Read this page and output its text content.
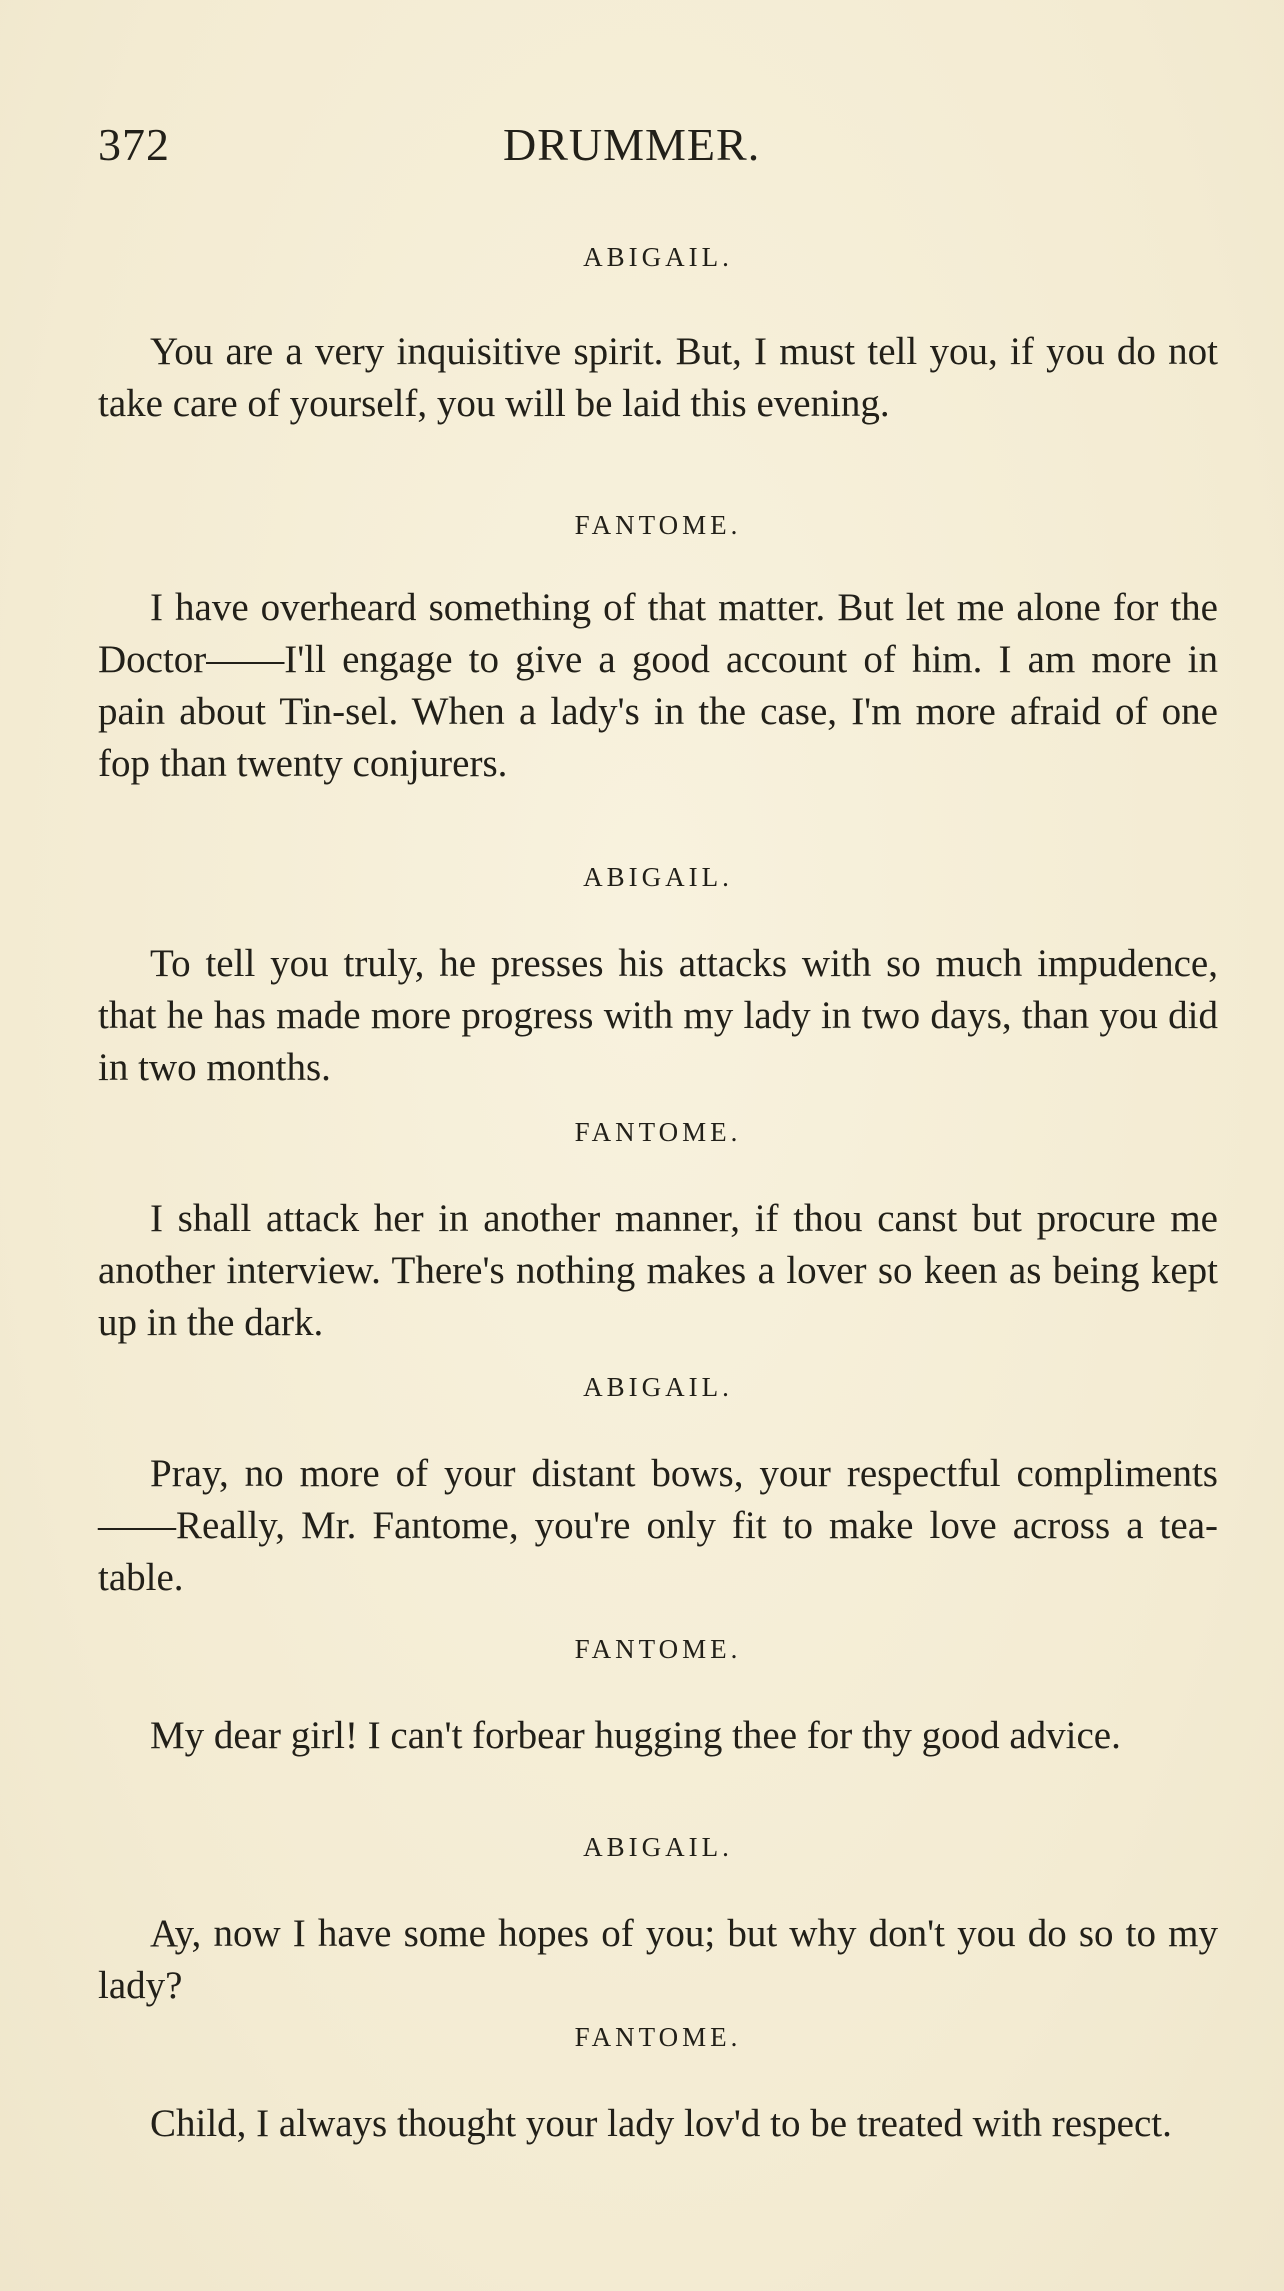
372	DRUMMER.

ABIGAIL.

You are a very inquisitive spirit. But, I must tell you, if you do not take care of yourself, you will be laid this evening.

FANTOME.

I have overheard something of that matter. But let me alone for the Doctor——I'll engage to give a good account of him. I am more in pain about Tin-sel. When a lady's in the case, I'm more afraid of one fop than twenty conjurers.

ABIGAIL.

To tell you truly, he presses his attacks with so much impudence, that he has made more progress with my lady in two days, than you did in two months.

FANTOME.

I shall attack her in another manner, if thou canst but procure me another interview. There's nothing makes a lover so keen as being kept up in the dark.

ABIGAIL.

Pray, no more of your distant bows, your respectful compliments——Really, Mr. Fantome, you're only fit to make love across a tea-table.

FANTOME.

My dear girl! I can't forbear hugging thee for thy good advice.

ABIGAIL.

Ay, now I have some hopes of you; but why don't you do so to my lady?

FANTOME.

Child, I always thought your lady lov'd to be treated with respect.
